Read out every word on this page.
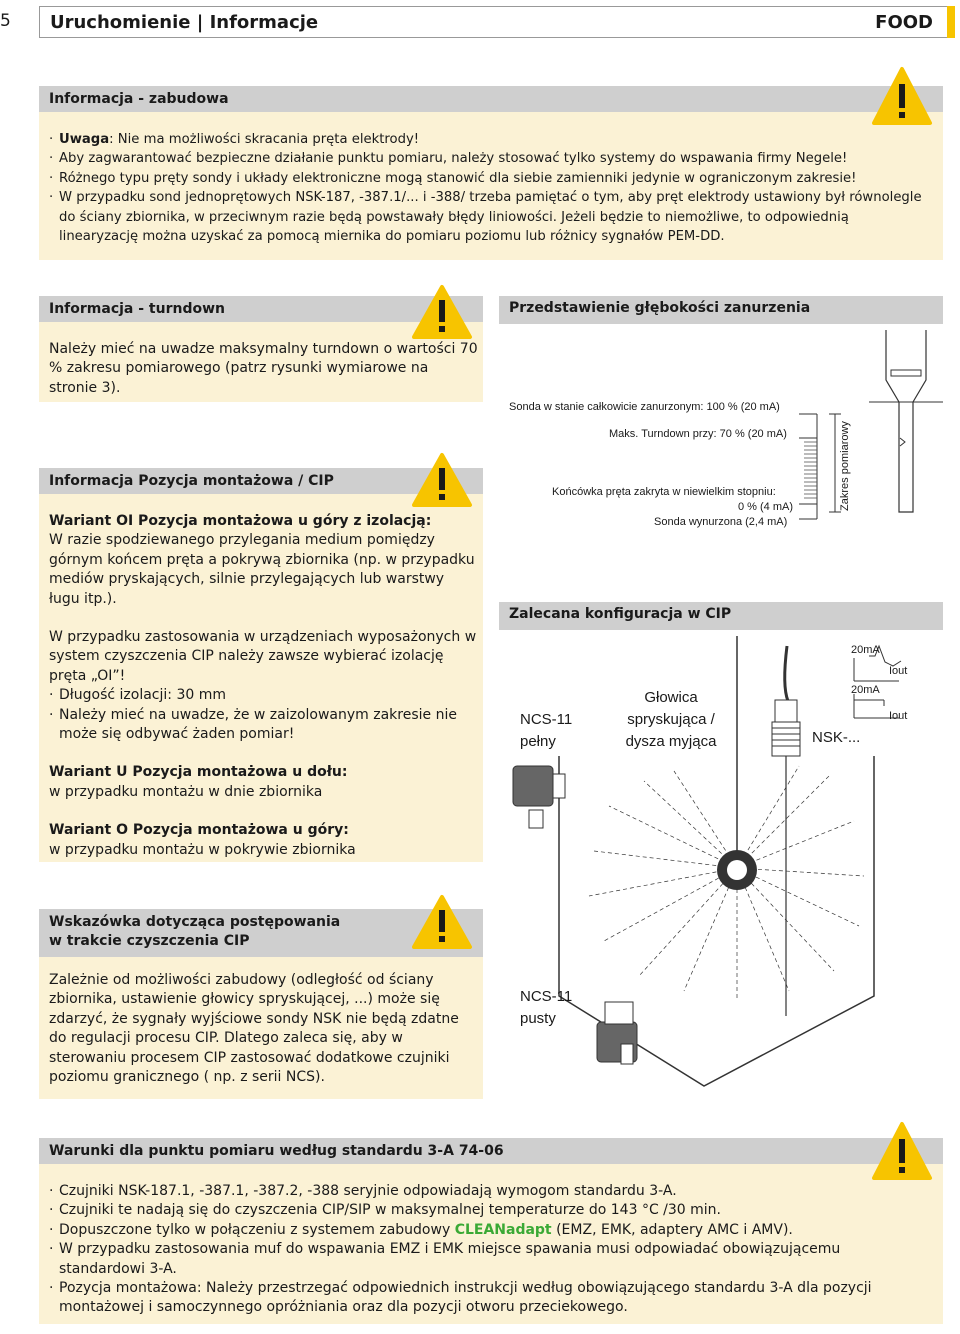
5 Uruchomienie | Informacje	FOOD
Informacja - zabudowa
· Uwaga: Nie ma możliwości skracania pręta elektrody!
· Aby zagwarantować bezpieczne działanie punktu pomiaru, należy stosować tylko systemy do wspawania firmy Negele!
· Różnego typu pręty sondy i układy elektroniczne mogą stanowić dla siebie zamienniki jedynie w ograniczonym zakresie!
· W przypadku sond jednoprętowych NSK-187, -387.1/... i -388/ trzeba pamiętać o tym, aby pręt elektrody ustawiony był równolegle do ściany zbiornika, w przeciwnym razie będą powstawały błędy liniowości. Jeżeli będzie to niemożliwe, to odpowiednią linearyzację można uzyskać za pomocą miernika do pomiaru poziomu lub różnicy sygnałów PEM-DD.
Informacja - turndown
Należy mieć na uwadze maksymalny turndown o wartości 70 % zakresu pomiarowego (patrz rysunki wymiarowe na stronie 3).
Informacja Pozycja montażowa / CIP
Wariant OI Pozycja montażowa u góry z izolacją:
W razie spodziewanego przylegania medium pomiędzy górnym końcem pręta a pokrywą zbiornika (np. w przypadku mediów pryskających, silnie przylegających lub warstwy ługu itp.).
W przypadku zastosowania w urządzeniach wyposażonych w system czyszczenia CIP należy zawsze wybierać izolację pręta „OI”!
· Długość izolacji: 30 mm
· Należy mieć na uwadze, że w zaizolowanym zakresie nie może się odbywać żaden pomiar!
Wariant U Pozycja montażowa u dołu:
w przypadku montażu w dnie zbiornika
Wariant O Pozycja montażowa u góry:
w przypadku montażu w pokrywie zbiornika
Wskazówka dotycząca postępowania
w trakcie czyszczenia CIP
Zależnie od możliwości zabudowy (odległość od ściany zbiornika, ustawienie głowicy spryskującej, ...) może się zdarzyć, że sygnały wyjściowe sondy NSK nie będą zdatne do regulacji procesu CIP. Dlatego zaleca się, aby w sterowaniu procesem CIP zastosować dodatkowe czujniki poziomu granicznego ( np. z serii NCS).
Przedstawienie głębokości zanurzenia
Sonda w stanie całkowicie zanurzonym: 100 % (20 mA)
Maks. Turndown przy: 70 % (20 mA)
Końcówka pręta zakryta w niewielkim stopniu:
0 % (4 mA)
Sonda wynurzona (2,4 mA)
Zakres pomiarowy
Zalecana konfiguracja w CIP
NCS-11
pełny
Głowica
spryskująca /
dysza myjąca	NSK-...
20mA
Iout
20mA
Iout
NCS-11
pusty
Warunki dla punktu pomiaru według standardu 3-A 74-06
· Czujniki NSK-187.1, -387.1, -387.2, -388 seryjnie odpowiadają wymogom standardu 3-A.
· Czujniki te nadają się do czyszczenia CIP/SIP w maksymalnej temperaturze do 143 °C /30 min.
· Dopuszczone tylko w połączeniu z systemem zabudowy CLEANadapt (EMZ, EMK, adaptery AMC i AMV).
· W przypadku zastosowania muf do wspawania EMZ i EMK miejsce spawania musi odpowiadać obowiązującemu standardowi 3-A.
· Pozycja montażowa: Należy przestrzegać odpowiednich instrukcji według obowiązującego standardu 3-A dla pozycji montażowej i samoczynnego opróżniania oraz dla pozycji otworu przeciekowego.
